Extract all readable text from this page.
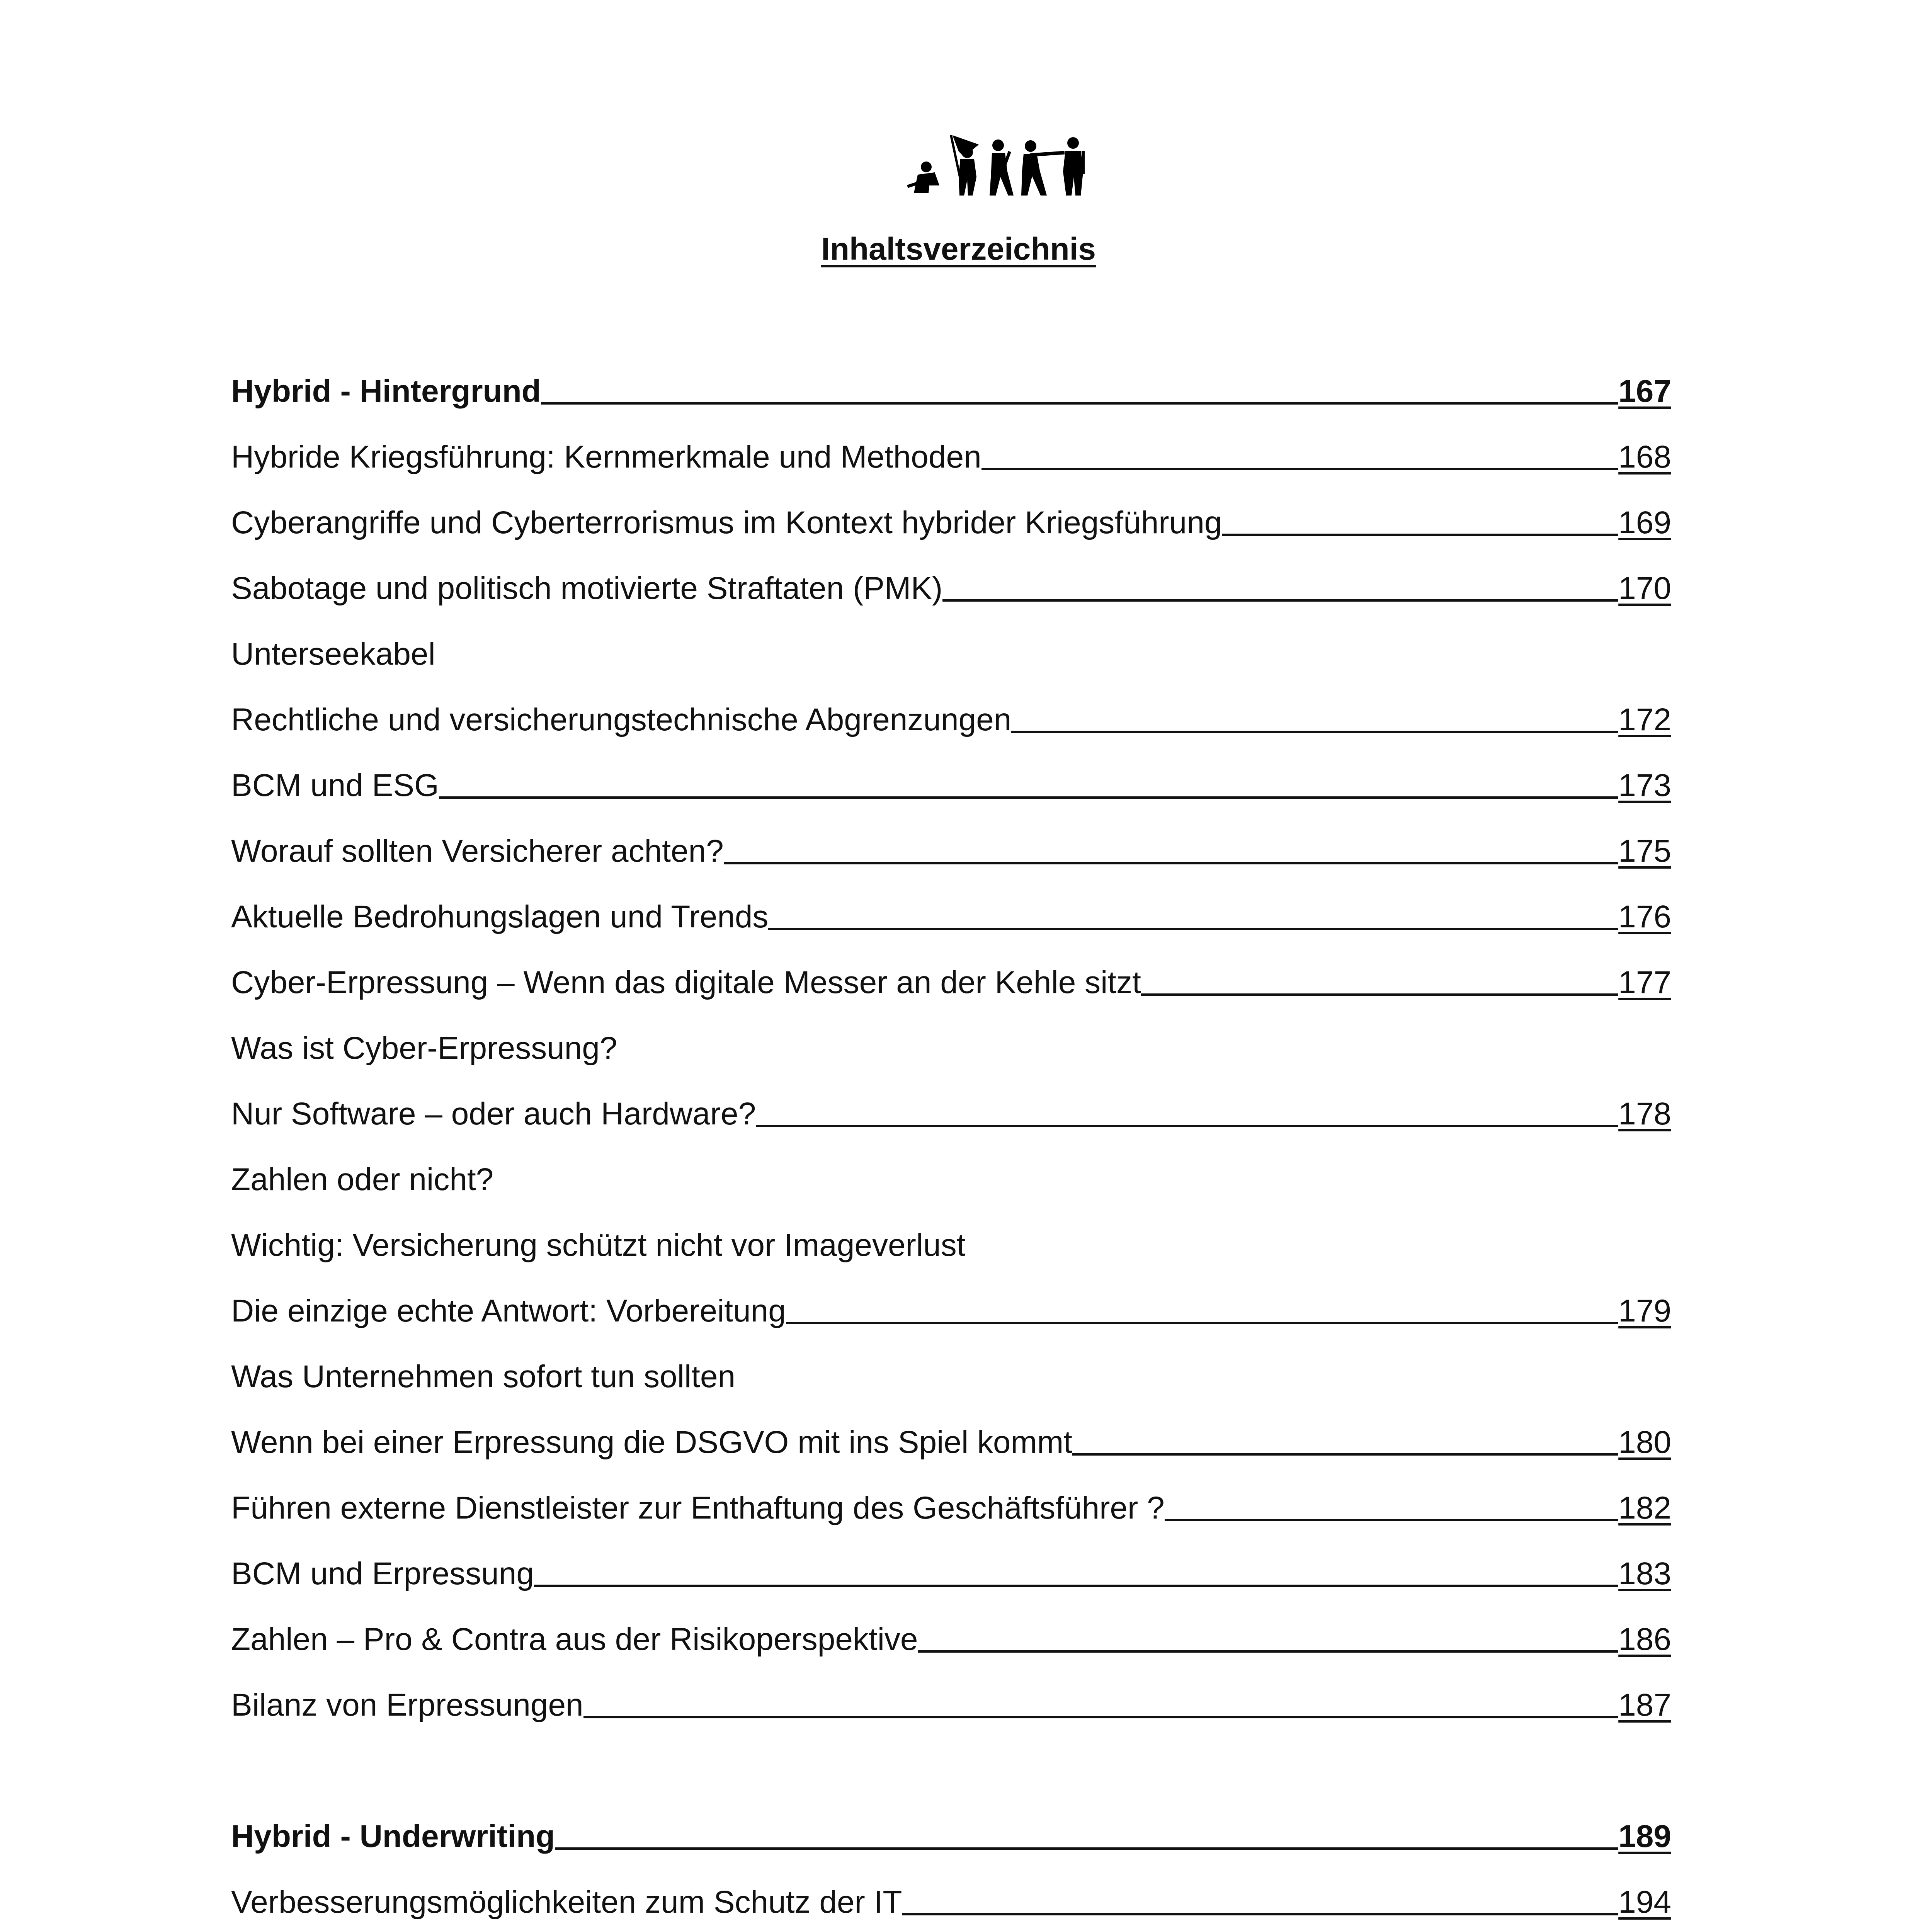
Inhaltsverzeichnis
Hybrid - Hintergrund	167
Hybride Kriegsführung: Kernmerkmale und Methoden	168
Cyberangriffe und Cyberterrorismus im Kontext hybrider Kriegsführung	169
Sabotage und politisch motivierte Straftaten (PMK)	170
Unterseekabel
Rechtliche und versicherungstechnische Abgrenzungen	172
BCM und ESG	173
Worauf sollten Versicherer achten?	175
Aktuelle Bedrohungslagen und Trends	176
Cyber-Erpressung – Wenn das digitale Messer an der Kehle sitzt	177
Was ist Cyber-Erpressung?
Nur Software – oder auch Hardware?	178
Zahlen oder nicht?
Wichtig: Versicherung schützt nicht vor Imageverlust
Die einzige echte Antwort: Vorbereitung	179
Was Unternehmen sofort tun sollten
Wenn bei einer Erpressung die DSGVO mit ins Spiel kommt	180
Führen externe Dienstleister zur Enthaftung des Geschäftsführer ?	182
BCM und Erpressung	183
Zahlen – Pro & Contra aus der Risikoperspektive	186
Bilanz von Erpressungen	187
Hybrid - Underwriting	189
Verbesserungsmöglichkeiten zum Schutz der IT	194
